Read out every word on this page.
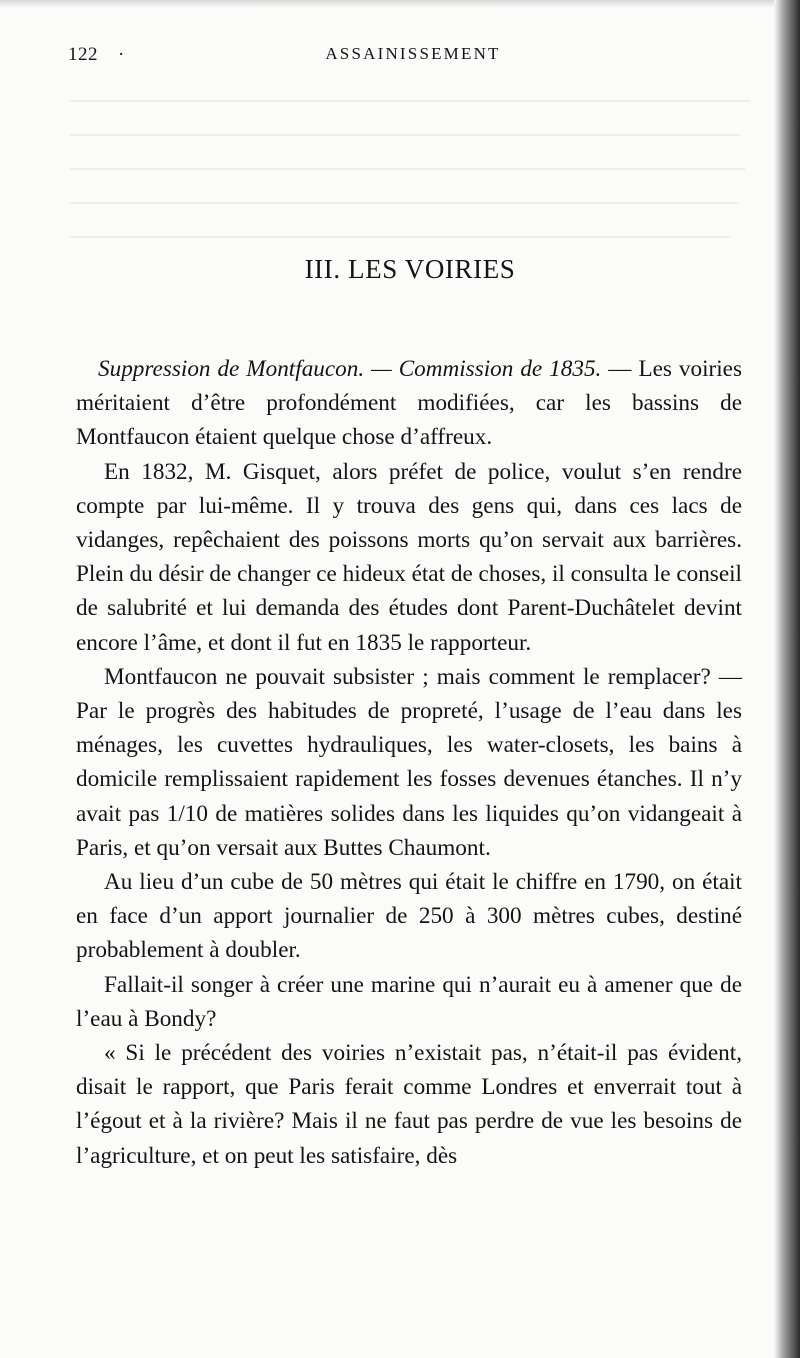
122 ·	ASSAINISSEMENT
III. LES VOIRIES

Suppression de Montfaucon. — Commission de 1835. — Les voiries méritaient d’être profondément modifiées, car les bassins de Montfaucon étaient quelque chose d’affreux.

En 1832, M. Gisquet, alors préfet de police, voulut s’en rendre compte par lui-même. Il y trouva des gens qui, dans ces lacs de vidanges, repêchaient des poissons morts qu’on servait aux barrières. Plein du désir de changer ce hideux état de choses, il consulta le conseil de salubrité et lui demanda des études dont Parent-Duchâtelet devint encore l’âme, et dont il fut en 1835 le rapporteur.

Montfaucon ne pouvait subsister ; mais comment le remplacer? — Par le progrès des habitudes de propreté, l’usage de l’eau dans les ménages, les cuvettes hydrauliques, les water-closets, les bains à domicile remplissaient rapidement les fosses devenues étanches. Il n’y avait pas 1/10 de matières solides dans les liquides qu’on vidangeait à Paris, et qu’on versait aux Buttes Chaumont.

Au lieu d’un cube de 50 mètres qui était le chiffre en 1790, on était en face d’un apport journalier de 250 à 300 mètres cubes, destiné probablement à doubler.

Fallait-il songer à créer une marine qui n’aurait eu à amener que de l’eau à Bondy?

« Si le précédent des voiries n’existait pas, n’était-il pas évident, disait le rapport, que Paris ferait comme Londres et enverrait tout à l’égout et à la rivière? Mais il ne faut pas perdre de vue les besoins de l’agriculture, et on peut les satisfaire, dès
